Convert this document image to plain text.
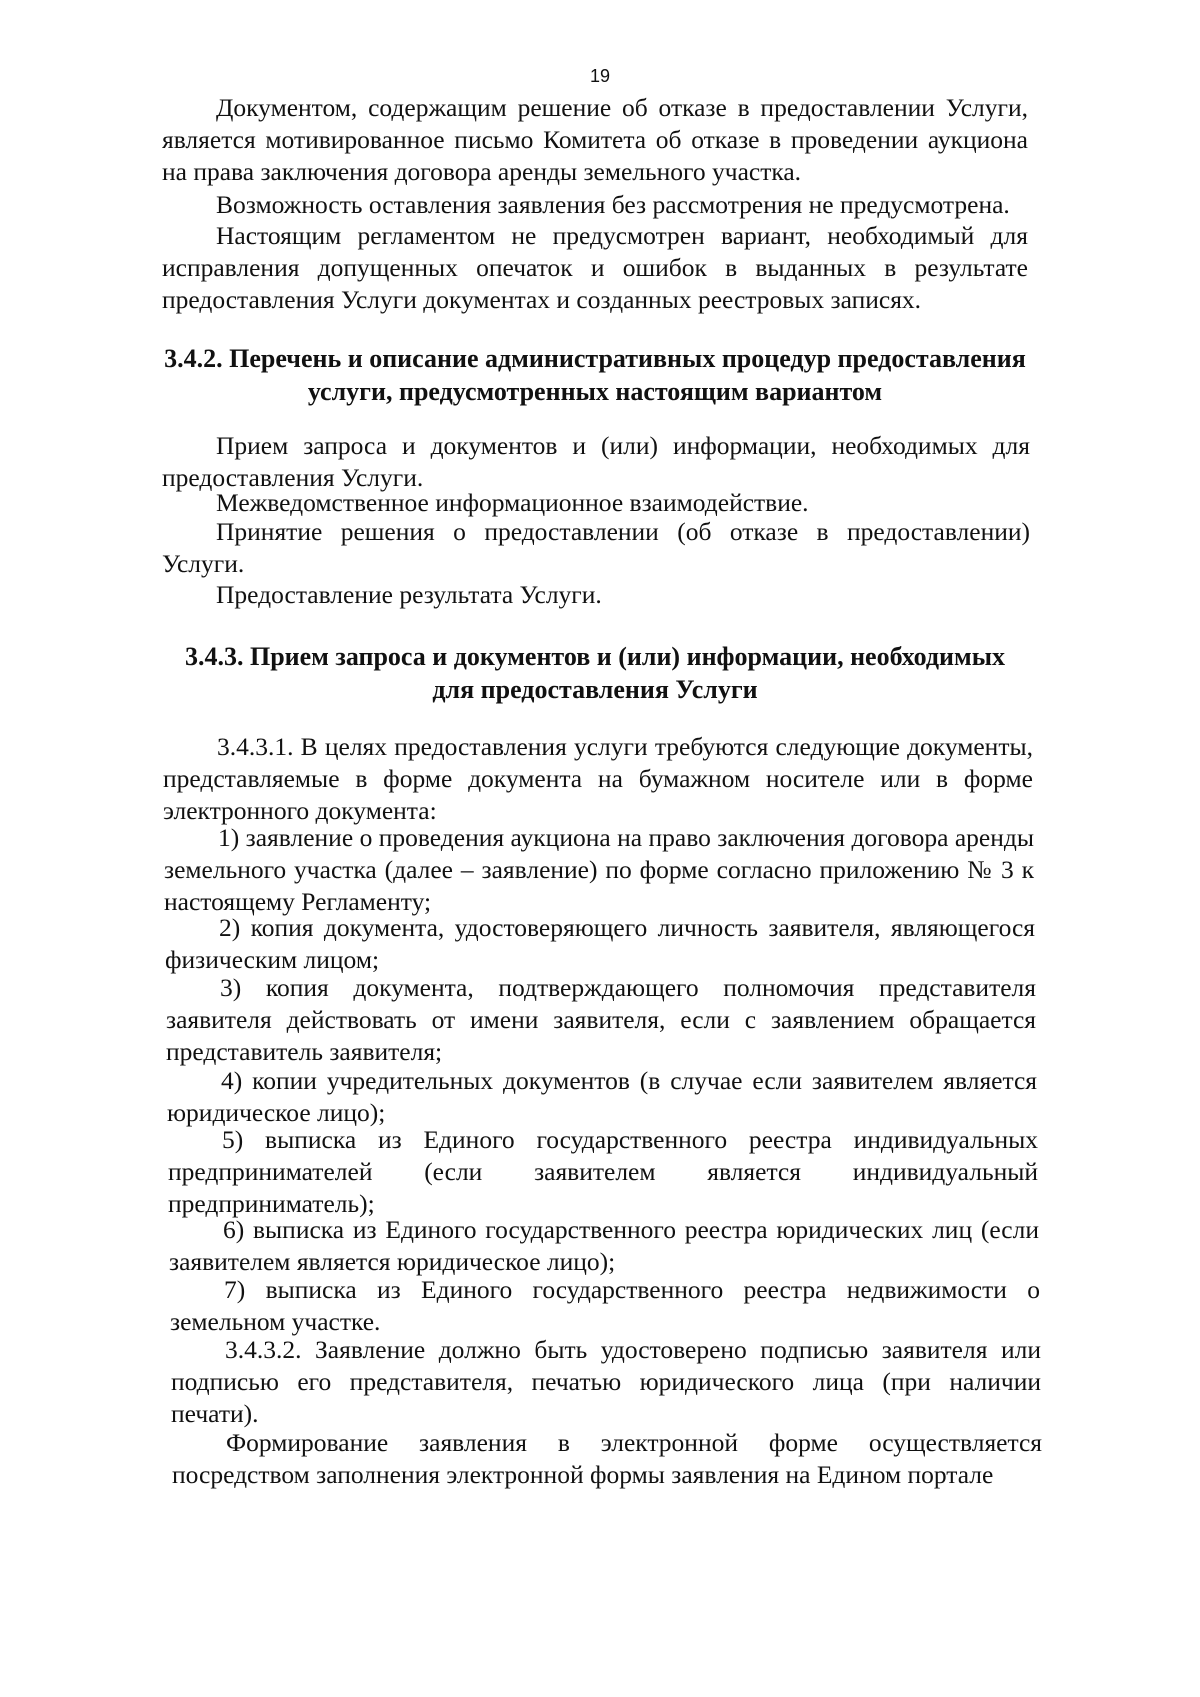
19

Документом, содержащим решение об отказе в предоставлении Услуги, является мотивированное письмо Комитета об отказе в проведении аукциона на права заключения договора аренды земельного участка.

Возможность оставления заявления без рассмотрения не предусмотрена.

Настоящим регламентом не предусмотрен вариант, необходимый для исправления допущенных опечаток и ошибок в выданных в результате предоставления Услуги документах и созданных реестровых записях.

3.4.2. Перечень и описание административных процедур предоставления
услуги, предусмотренных настоящим вариантом

Прием запроса и документов и (или) информации, необходимых для предоставления Услуги.

Межведомственное информационное взаимодействие.

Принятие решения о предоставлении (об отказе в предоставлении) Услуги.

Предоставление результата Услуги.

3.4.3. Прием запроса и документов и (или) информации, необходимых
для предоставления Услуги

3.4.3.1. В целях предоставления услуги требуются следующие документы, представляемые в форме документа на бумажном носителе или в форме электронного документа:

1) заявление о проведения аукциона на право заключения договора аренды земельного участка (далее – заявление) по форме согласно приложению № 3 к настоящему Регламенту;

2) копия документа, удостоверяющего личность заявителя, являющегося физическим лицом;

3) копия документа, подтверждающего полномочия представителя заявителя действовать от имени заявителя, если с заявлением обращается представитель заявителя;

4) копии учредительных документов (в случае если заявителем является юридическое лицо);

5) выписка из Единого государственного реестра индивидуальных предпринимателей (если заявителем является индивидуальный предприниматель);

6) выписка из Единого государственного реестра юридических лиц (если заявителем является юридическое лицо);

7) выписка из Единого государственного реестра недвижимости о земельном участке.

3.4.3.2. Заявление должно быть удостоверено подписью заявителя или подписью его представителя, печатью юридического лица (при наличии печати).

Формирование заявления в электронной форме осуществляется посредством заполнения электронной формы заявления на Едином портале
